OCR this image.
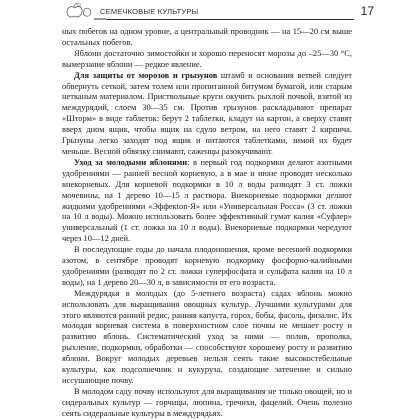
СЕМЕЧКОВЫЕ КУЛЬТУРЫ	17

ных побегов на одном уровне, а центральный проводник — на 15—20 см выше остальных побегов.

Яблони достаточно зимостойки и хорошо переносят морозы до –25—30 °С, вымерзание яблони — редкое явление.

Для защиты от морозов и грызунов штамб и основания ветвей следует обвернуть сеткой, затем толем или пропитанной битумом бумагой, или старым нетканым материалом. Приствольные круги окучить рыхлой почвой, взятой из междурядий, слоем 30—35 см. Против грызунов раскладывают препарат «Шторм» в виде таблеток: берут 2 таблетки, кладут на картон, а сверху ставят вверх дном ящик, чтобы ящик на сдуло ветром, на него ставят 2 кирпича. Грызуны легко заходят под ящик и питаются таблетками, зимой их будет меньше. Весной обвязку снимают, саженцы разокучивают.

Уход за молодыми яблонями: в первый год подкормки делают азотными удобрениями — ранней весной корневую, а в мае и июне проводят несколько внекорневых. Для корневой подкормки в 10 л воды разводят 3 ст. ложки мочевины, на 1 дерево 10—15 л раствора. Внекорневые подкормки делают жидкими удобрениями «Эффекton-Я» или «Универсальная Росса» (3 ст. ложки на 10 л воды). Можно использовать более эффективный гумат калия «Суфлер» универсальный (1 ст. ложка на 10 л воды). Внекорневые подкормки чередуют через 10—12 дней.

В последующие годы до начала плодоношения, кроме весенней подкормки азотом, в сентябре проводят корневую подкормку фосфорно-калийными удобрениями (разводят по 2 ст. ложки суперфосфата и сульфата калия на 10 л воды), на 1 дерево 20—30 л, в зависимости от его возраста.

Междурядья в молодых (до 5-летнего возраста) садах яблонь можно использовать для выращивания овощных культур. Лучшими культурами для этого являются ранний редис, ранняя капуста, горох, бобы, фасоль, физалис. Их молодая корневая система в поверхностном слое почвы не мешает росту и развитию яблонь. Систематический уход за ними — полив, прополка, рыхление, подкормки, обработки — способствуют хорошему росту и развитию яблони. Вокруг молодых деревьев нельзя сеять такие высокостебельные культуры, как подсолнечник и кукуруза, создающие затенение и сильно иссушающие почву.

В молодом саду почву используют для выращивания не только овощей, но и сидеральных культур — горчицы, люпина, гречихи, фацелий. Очень полезно сеять сидеральные культуры в междурядьях.
